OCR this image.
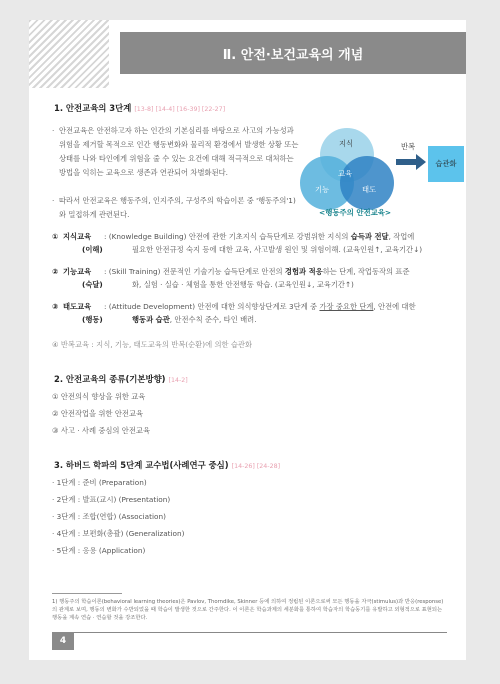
Ⅱ. 안전·보건교육의 개념
1. 안전교육의 3단계 [13-8] [14-4] [16-39] [22-27]
· 안전교육은 안전하고자 하는 인간의 기본심리를 바탕으로 사고의 가능성과 위험을 제거할 목적으로 인간 행동변화와 물리적 환경에서 발생한 상황 또는 상태를 나와 타인에게 위험을 줄 수 있는 요건에 대해 적극적으로 대처하는 방법을 익히는 교육으로 생존과 연관되어 차별화된다.
· 따라서 안전교육은 행동주의, 인지주의, 구성주의 학습이론 중 '행동주의'1)와 밀접하게 관련된다.
지식
기능	태도
교육
반복
습관화
<행동주의 안전교육>
① 지식교육
(이해)
: (Knowledge Building) 안전에 관한 기초지식 습득단계로 강범위한 지식의 습득과 전달, 작업에
필요한 안전규정 숙지 등에 대한 교육, 사고발생 원인 및 위험이해. (교육인원↑, 교육기간↓)
② 기능교육
(숙달)
: (Skill Training) 전문적인 기술기능 습득단계로 안전의 경험과 적응하는 단계, 작업동작의 표준
화, 실험 · 실습 · 체험을 통한 안전행동 학습. (교육인원↓, 교육기간↑)
③ 태도교육
(행동)
: (Attitude Development) 안전에 대한 의식향상단계로 3단계 중 가장 중요한 단계, 안전에 대한
행동과 습관, 안전수칙 준수, 타인 배려.
④ 반복교육 : 지식, 기능, 태도교육의 반복(순환)에 의한 습관화
2. 안전교육의 종류(기본방향) [14-2]
① 안전의식 향상을 위한 교육
② 안전작업을 위한 안전교육
③ 사고 · 사례 중심의 안전교육
3. 하버드 학파의 5단계 교수법(사례연구 중심) [14-26] [24-28]
· 1단계 : 준비 (Preparation)
· 2단계 : 발표(교시) (Presentation)
· 3단계 : 조합(연합) (Association)
· 4단계 : 보편화(총괄) (Generalization)
· 5단계 : 응용 (Application)
1) 행동주의 학습이론(behavioral learning theories)은 Pavlov, Thorndike, Skinner 등에 의하여 정립된 이론으로써 모든 행동을 자극(stimulus)과 반응(response)의 관계로 보며, 행동의 변화가 수반되었을 때 학습이 발생한 것으로 간주한다. 이 이론은 학습과제의 세분화를 통하여 학습자의 학습동기를 유발하고 외형적으로 표현되는 행동을 계속 연습 · 연습할 것을 강조한다.
4
